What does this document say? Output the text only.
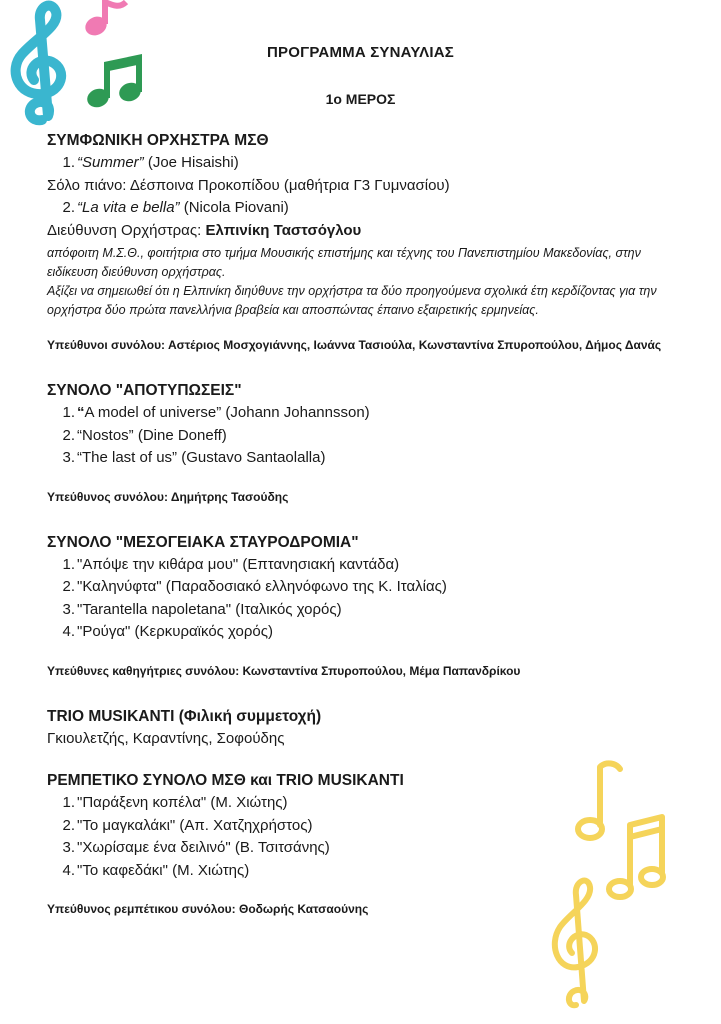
ΠΡΟΓΡΑΜΜΑ ΣΥΝΑΥΛΙΑΣ
1ο ΜΕΡΟΣ
ΣΥΜΦΩΝΙΚΗ ΟΡΧΗΣΤΡΑ ΜΣΘ
1. “Summer” (Joe Hisaishi)
Σόλο πιάνο: Δέσποινα Προκοπίδου (μαθήτρια Γ3 Γυμνασίου)
2. “La vita e bella” (Nicola Piovani)
Διεύθυνση Ορχήστρας: Ελπινίκη Ταστσόγλου
απόφοιτη Μ.Σ.Θ., φοιτήτρια στο τμήμα Μουσικής επιστήμης και τέχνης του Πανεπιστημίου Μακεδονίας, στην ειδίκευση διεύθυνση ορχήστρας.
Αξίζει να σημειωθεί ότι η Ελπινίκη διηύθυνε την ορχήστρα τα δύο προηγούμενα σχολικά έτη κερδίζοντας για την ορχήστρα δύο πρώτα πανελλήνια βραβεία και αποσπώντας έπαινο εξαιρετικής ερμηνείας.
Υπεύθυνοι συνόλου: Αστέριος Μοσχογιάννης, Ιωάννα Τασιούλα, Κωνσταντίνα Σπυροπούλου, Δήμος Δανάς
ΣΥΝΟΛΟ "ΑΠΟΤΥΠΩΣΕΙΣ"
1. “A model of universe” (Johann Johannsson)
2. “Nostos” (Dine Doneff)
3. “The last of us” (Gustavo Santaolalla)
Υπεύθυνος συνόλου: Δημήτρης Τασούδης
ΣΥΝΟΛΟ "ΜΕΣΟΓΕΙΑΚΑ ΣΤΑΥΡΟΔΡΟΜΙΑ"
1. "Απόψε την κιθάρα μου" (Επτανησιακή καντάδα)
2. "Καληνύφτα" (Παραδοσιακό ελληνόφωνο της Κ. Ιταλίας)
3. "Tarantella napoletana" (Ιταλικός χορός)
4. "Ρούγα" (Κερκυραϊκός χορός)
Υπεύθυνες καθηγήτριες συνόλου: Κωνσταντίνα Σπυροπούλου, Μέμα Παπανδρίκου
TRIO MUSIKANTI (Φιλική συμμετοχή)
Γκιουλετζής, Καραντίνης, Σοφούδης
ΡΕΜΠΕΤΙΚΟ ΣΥΝΟΛΟ ΜΣΘ και TRIO MUSIKANTI
1. "Παράξενη κοπέλα" (Μ. Χιώτης)
2. "Το μαγκαλάκι" (Απ. Χατζηχρήστος)
3. "Χωρίσαμε ένα δειλινό" (Β. Τσιτσάνης)
4. "Το καφεδάκι" (Μ. Χιώτης)
Υπεύθυνος ρεμπέτικου συνόλου: Θοδωρής Κατσαούνης
